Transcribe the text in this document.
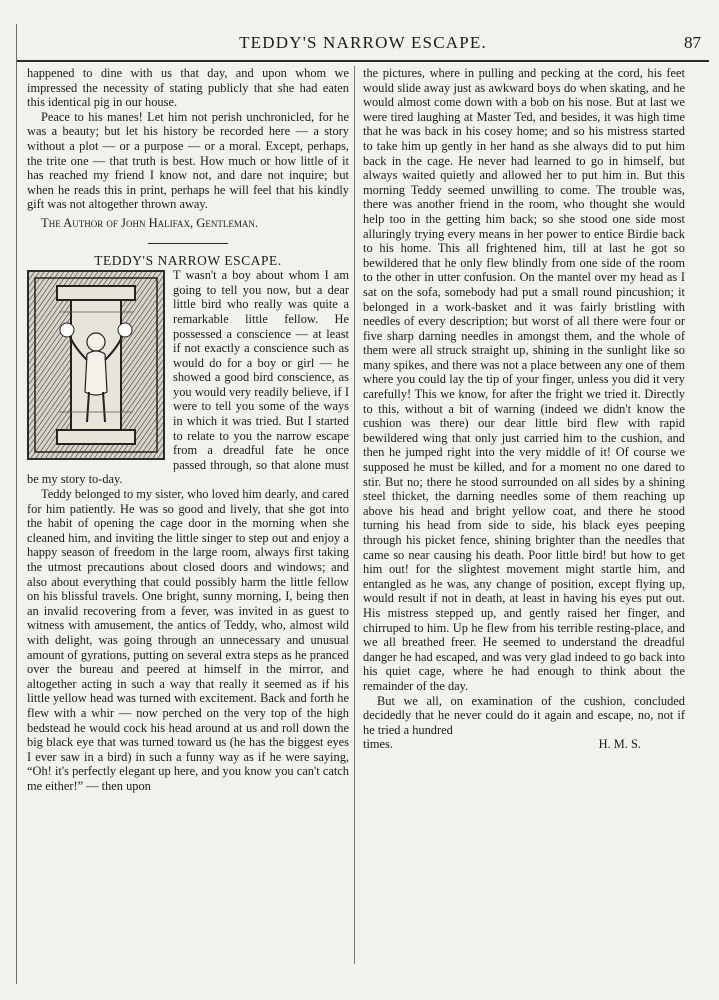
TEDDY'S NARROW ESCAPE.	87

happened to dine with us that day, and upon whom we impressed the necessity of stating publicly that she had eaten this identical pig in our house.

Peace to his manes! Let him not perish unchronicled, for he was a beauty; but let his history be recorded here — a story without a plot — or a purpose — or a moral. Except, perhaps, the trite one — that truth is best. How much or how little of it has reached my friend I know not, and dare not inquire; but when he reads this in print, perhaps he will feel that his kindly gift was not altogether thrown away.

The Author of John Halifax, Gentleman.

TEDDY'S NARROW ESCAPE.

T wasn't a boy about whom I am going to tell you now, but a dear little bird who really was quite a remarkable little fellow. He possessed a conscience — at least if not exactly a conscience such as would do for a boy or girl — he showed a good bird conscience, as you would very readily believe, if I were to tell you some of the ways in which it was tried. But I started to relate to you the narrow escape from a dreadful fate he once passed through, so that alone must be my story to-day.

Teddy belonged to my sister, who loved him dearly, and cared for him patiently. He was so good and lively, that she got into the habit of opening the cage door in the morning when she cleaned him, and inviting the little singer to step out and enjoy a happy season of freedom in the large room, always first taking the utmost precautions about closed doors and windows; and also about everything that could possibly harm the little fellow on his blissful travels. One bright, sunny morning, I, being then an invalid recovering from a fever, was invited in as guest to witness with amusement, the antics of Teddy, who, almost wild with delight, was going through an unnecessary and unusual amount of gyrations, putting on several extra steps as he pranced over the bureau and peered at himself in the mirror, and altogether acting in such a way that really it seemed as if his little yellow head was turned with excitement. Back and forth he flew with a whir — now perched on the very top of the high bedstead he would cock his head around at us and roll down the big black eye that was turned toward us (he has the biggest eyes I ever saw in a bird) in such a funny way as if he were saying, “Oh! it's perfectly elegant up here, and you know you can't catch me either!” — then upon

the pictures, where in pulling and pecking at the cord, his feet would slide away just as awkward boys do when skating, and he would almost come down with a bob on his nose. But at last we were tired laughing at Master Ted, and besides, it was high time that he was back in his cosey home; and so his mistress started to take him up gently in her hand as she always did to put him back in the cage. He never had learned to go in himself, but always waited quietly and allowed her to put him in. But this morning Teddy seemed unwilling to come. The trouble was, there was another friend in the room, who thought she would help too in the getting him back; so she stood one side most alluringly trying every means in her power to entice Birdie back to his home. This all frightened him, till at last he got so bewildered that he only flew blindly from one side of the room to the other in utter confusion. On the mantel over my head as I sat on the sofa, somebody had put a small round pincushion; it belonged in a work-basket and it was fairly bristling with needles of every description; but worst of all there were four or five sharp darning needles in amongst them, and the whole of them were all struck straight up, shining in the sunlight like so many spikes, and there was not a place between any one of them where you could lay the tip of your finger, unless you did it very carefully! This we know, for after the fright we tried it. Directly to this, without a bit of warning (indeed we didn't know the cushion was there) our dear little bird flew with rapid bewildered wing that only just carried him to the cushion, and then he jumped right into the very middle of it! Of course we supposed he must be killed, and for a moment no one dared to stir. But no; there he stood surrounded on all sides by a shining steel thicket, the darning needles some of them reaching up above his head and bright yellow coat, and there he stood turning his head from side to side, his black eyes peeping through his picket fence, shining brighter than the needles that came so near causing his death. Poor little bird! but how to get him out! for the slightest movement might startle him, and entangled as he was, any change of position, except flying up, would result if not in death, at least in having his eyes put out. His mistress stepped up, and gently raised her finger, and chirruped to him. Up he flew from his terrible resting-place, and we all breathed freer. He seemed to understand the dreadful danger he had escaped, and was very glad indeed to go back into his quiet cage, where he had enough to think about the remainder of the day.

But we all, on examination of the cushion, concluded decidedly that he never could do it again and escape, no, not if he tried a hundred

times.	H. M. S.
